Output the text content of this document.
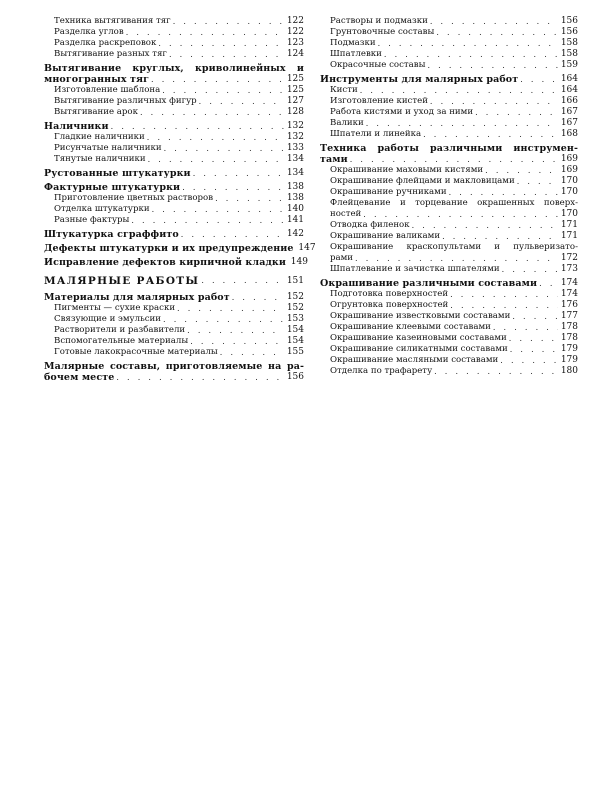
Техника вытягивания тяг . . .	122
Разделка углов . . .	122
Разделка раскреповок . . .	123
Вытягивание разных тяг . . .	124
Вытягивание круглых, криволинейных и
многогранных тяг . . .	125
Изготовление шаблона . . .	125
Вытягивание различных фигур . . .	127
Вытягивание арок . . .	128
Наличники . . .	132
Гладкие наличники . . .	132
Рисунчатые наличники . . .	133
Тянутые наличники . . .	134
Рустованные штукатурки . . .	134
Фактурные штукатурки . . .	138
Приготовление цветных растворов . . .	138
Отделка штукатурки . . .	140
Разные фактуры . . .	141
Штукатурка сграффито . . .	142
Дефекты штукатурки и их предупреждение 147
Исправление дефектов кирпичной кладки 149
МАЛЯРНЫЕ РАБОТЫ . . .	151
Материалы для малярных работ . . .	152
Пигменты — сухие краски . . .	152
Связующие и эмульсии . . .	153
Растворители и разбавители . . .	154
Вспомогательные материалы . . .	154
Готовые лакокрасочные материалы . . .	155
Малярные составы, приготовляемые на ра-
бочем месте . . .	156
Растворы и подмазки . . .	156
Грунтовочные составы . . .	156
Подмазки . . .	158
Шпатлевки . . .	158
Окрасочные составы . . .	159
Инструменты для малярных работ . . .	164
Кисти . . .	164
Изготовление кистей . . .	166
Работа кистями и уход за ними . . .	167
Валики . . .	167
Шпатели и линейка . . .	168
Техника работы различными инструмен-
тами . . .	169
Окрашивание маховыми кистями . . .	169
Окрашивание флейцами и макловицами . . .	170
Окрашивание ручниками . . .	170
Флейцевание и торцевание окрашенных поверх-
ностей . . .	170
Отводка филенок . . .	171
Окрашивание валиками . . .	171
Окрашивание краскопультами и пульверизато-
рами . . .	172
Шпатлевание и зачистка шпателями . . .	173
Окрашивание различными составами . . .	174
Подготовка поверхностей . . .	174
Огрунтовка поверхностей . . .	176
Окрашивание известковыми составами . . .	177
Окрашивание клеевыми составами . . .	178
Окрашивание казеиновыми составами . . .	178
Окрашивание силикатными составами . . .	179
Окрашивание масляными составами . . .	179
Отделка по трафарету . . .	180
